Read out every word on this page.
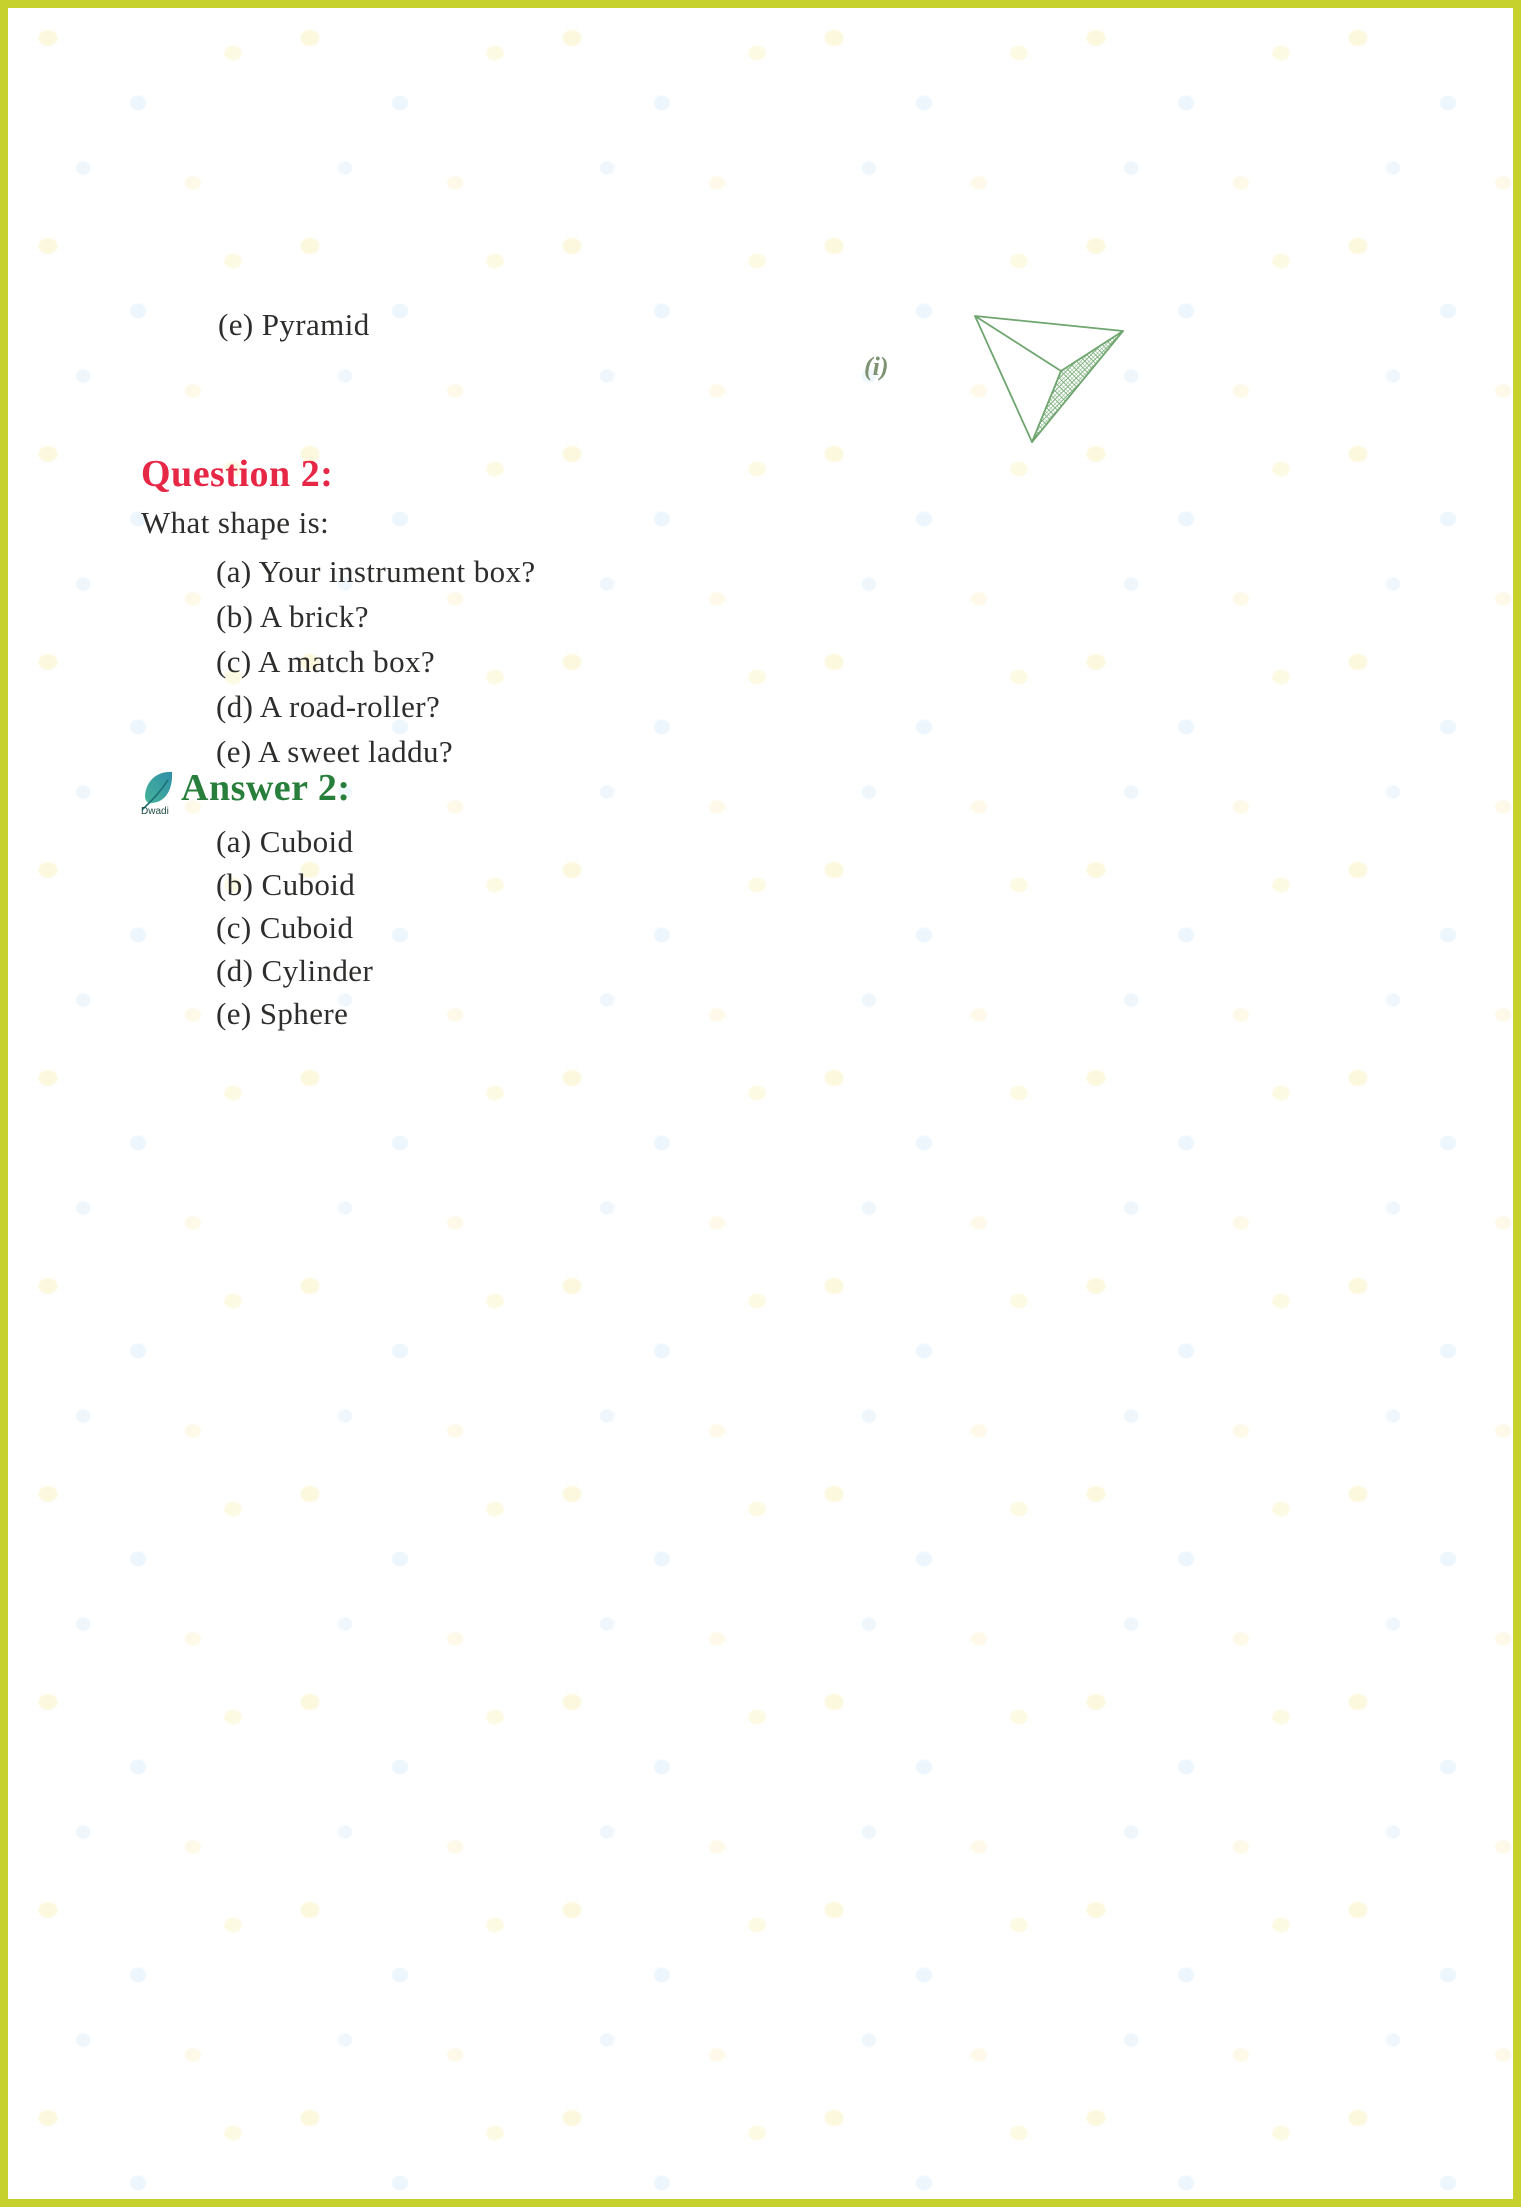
(e) Pyramid
(i)
Question 2:
What shape is:
(a) Your instrument box?
(b) A brick?
(c) A match box?
(d) A road-roller?
(e) A sweet laddu?
Dwadi
Answer 2:
(a) Cuboid
(b) Cuboid
(c) Cuboid
(d) Cylinder
(e) Sphere
